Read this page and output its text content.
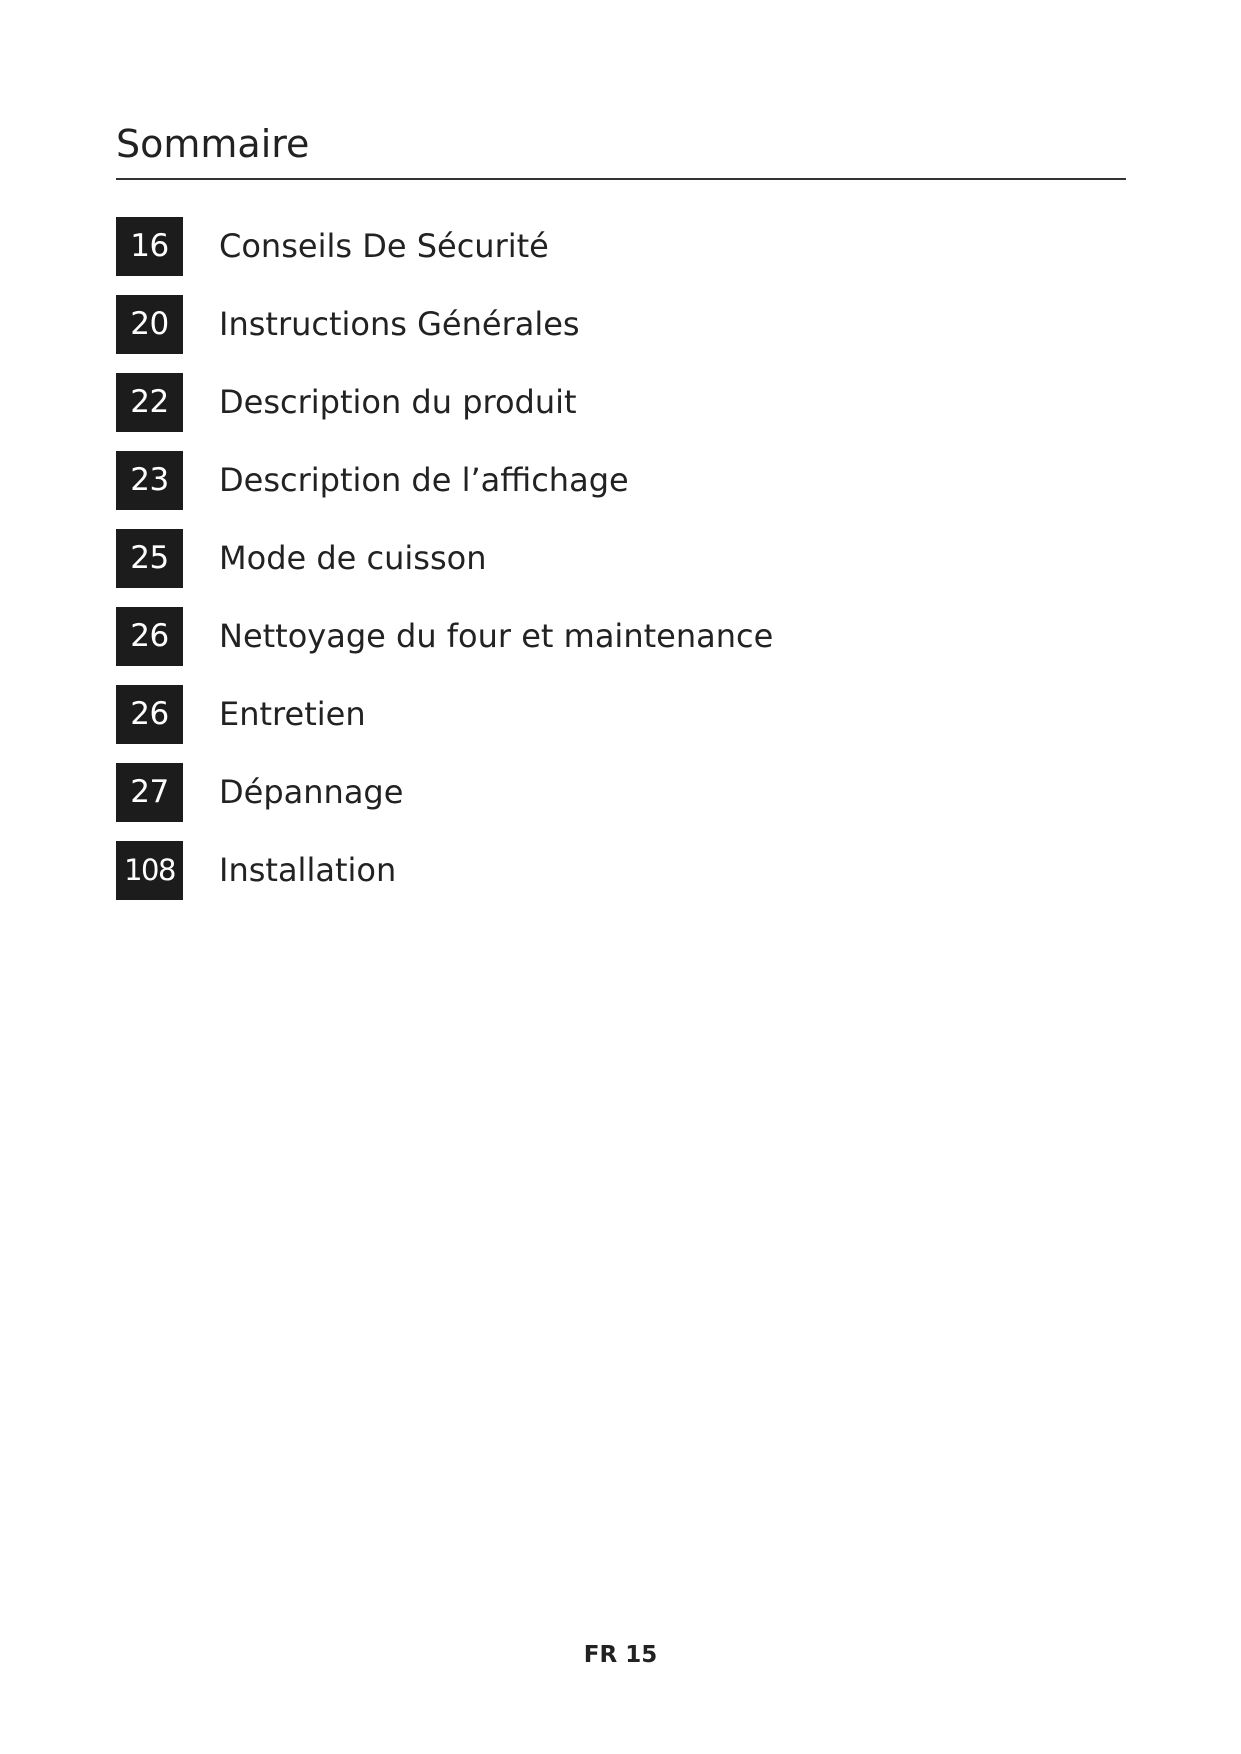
Sommaire
16	Conseils De Sécurité
20	Instructions Générales
22	Description du produit
23	Description de l’affichage
25	Mode de cuisson
26	Nettoyage du four et maintenance
26	Entretien
27	Dépannage
108 Installation
FR 15
